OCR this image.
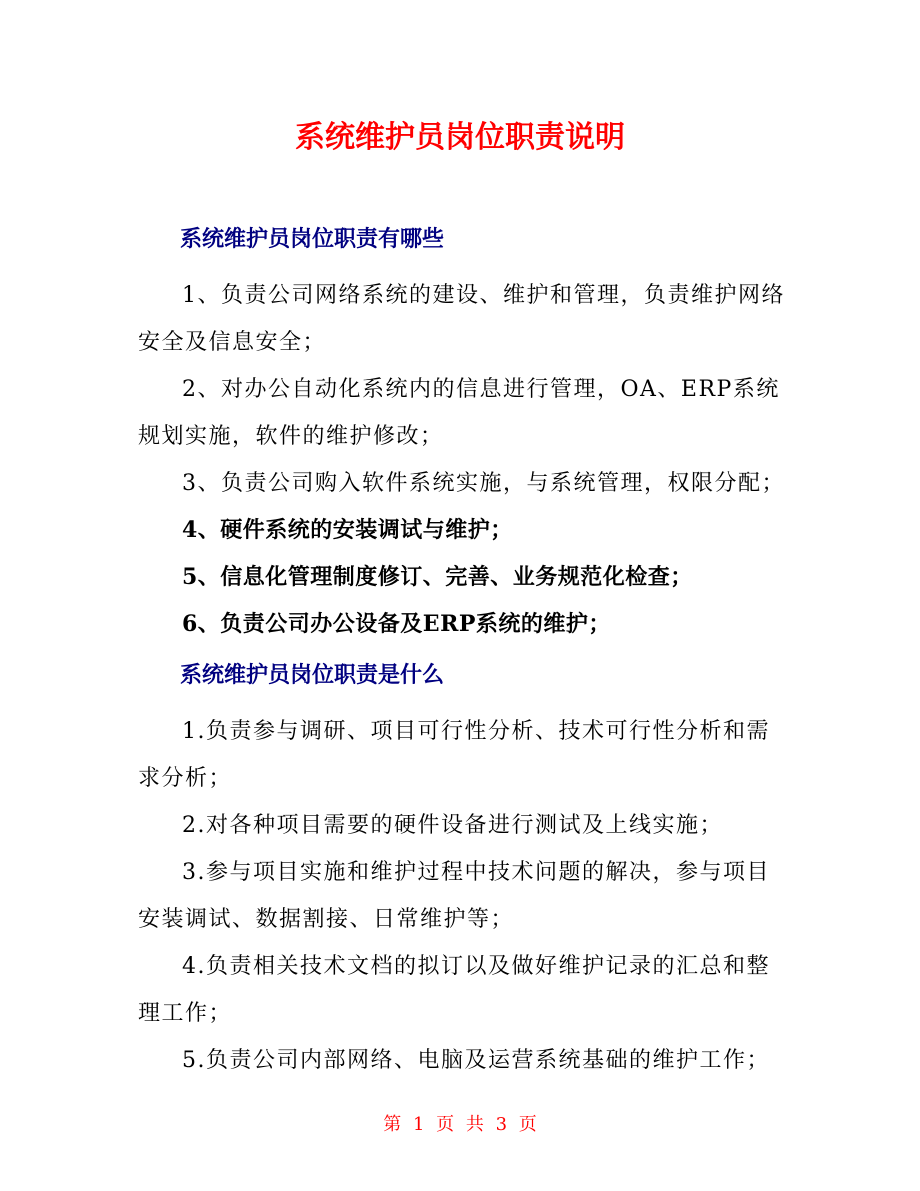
系统维护员岗位职责说明
系统维护员岗位职责有哪些
1、负责公司网络系统的建设、维护和管理，负责维护网络安全及信息安全；
2、对办公自动化系统内的信息进行管理，OA、ERP系统规划实施，软件的维护修改；
3、负责公司购入软件系统实施，与系统管理，权限分配；
4、硬件系统的安装调试与维护；
5、信息化管理制度修订、完善、业务规范化检查；
6、负责公司办公设备及ERP系统的维护；
系统维护员岗位职责是什么
1.负责参与调研、项目可行性分析、技术可行性分析和需求分析；
2.对各种项目需要的硬件设备进行测试及上线实施；
3.参与项目实施和维护过程中技术问题的解决，参与项目安装调试、数据割接、日常维护等；
4.负责相关技术文档的拟订以及做好维护记录的汇总和整理工作；
5.负责公司内部网络、电脑及运营系统基础的维护工作；
第 1 页 共 3 页
